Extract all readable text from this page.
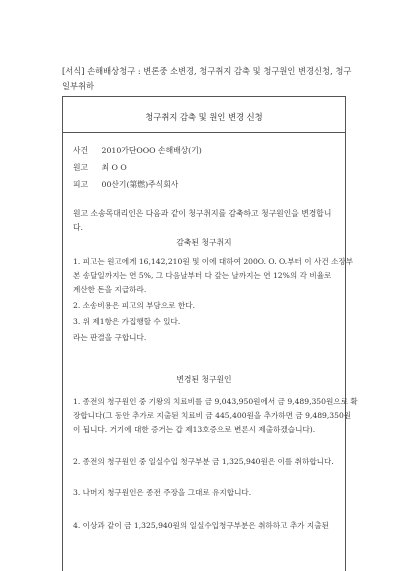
[서식] 손해배상청구 : 변론중 소변경, 청구취지 감축 및 청구원인 변경신청, 청구 일부취하
청구취지 감축 및 원인 변경 신청
사건 2010가단OOO 손해배상(기)
원고 최 O O
피고 00산기(第燃)주식회사
원고 소송목대리인은 다음과 같이 청구취지를 감축하고 청구원인을 변경합니다.
감축된 청구취지
1. 피고는 원고에게 16,142,210원 및 이에 대하여 200O. O. O.부터 이 사건 소장부
본 송달일까지는 연 5%, 그 다음날부터 다 갚는 날까지는 연 12%의 각 비율로
계산한 돈을 지급하라.
2. 소송비용은 피고의 부담으로 한다.
3. 위 제1항은 가집행할 수 있다.
라는 판결을 구합니다.
변경된 청구원인
1. 종전의 청구원인 중 기왕의 치료비를 금 9,043,950원에서 금 9,489,350원으로 확
장합니다(그 동안 추가로 지출된 치료비 금 445,400원을 추가하면 금 9,489,350원
이 됩니다. 거기에 대한 증거는 갑 제13호증으로 변론시 제출하겠습니다).
2. 종전의 청구원인 중 일실수입 청구부분 금 1,325,940원은 이를 취하합니다.
3. 나머지 청구원인은 종전 주장을 그대로 유지합니다.
4. 이상과 같이 금 1,325,940원의 일실수입청구부분은 취하하고 추가 지출된
